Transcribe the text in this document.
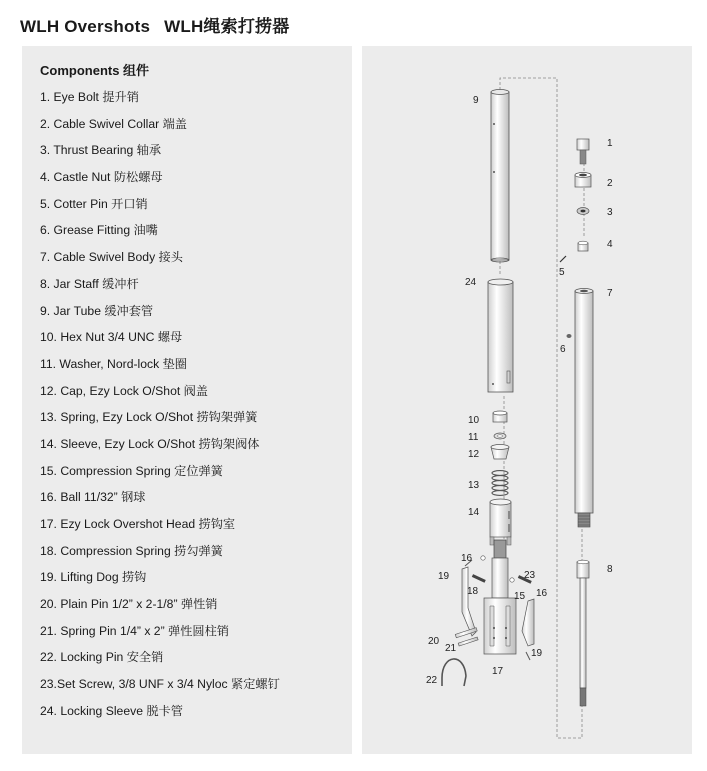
WLH Overshots WLH绳索打捞器
Components 组件
1. Eye Bolt 提升销
2. Cable Swivel Collar 端盖
3. Thrust Bearing 轴承
4. Castle Nut 防松螺母
5. Cotter Pin 开口销
6. Grease Fitting 油嘴
7. Cable Swivel Body 接头
8. Jar Staff 缓冲杆
9. Jar Tube 缓冲套管
10. Hex Nut 3/4 UNC 螺母
11. Washer, Nord-lock 垫圈
12. Cap, Ezy Lock O/Shot 阀盖
13. Spring, Ezy Lock O/Shot 捞钩架弹簧
14. Sleeve, Ezy Lock O/Shot 捞钩架阀体
15. Compression Spring 定位弹簧
16. Ball 11/32” 钢球
17. Ezy Lock Overshot Head 捞钩室
18. Compression Spring 捞勾弹簧
19. Lifting Dog 捞钩
20. Plain Pin 1/2” x 2-1/8” 弹性销
21. Spring Pin 1/4” x 2” 弹性圆柱销
22. Locking Pin 安全销
23.Set Screw, 3/8 UNF x 3/4 Nyloc 紧定螺钉
24. Locking Sleeve 脱卡管
9
24
10
11
12
13
14
16
19
18
23
15 16
20
21	19
17
22
1
2
3
4
5
6
7
8
